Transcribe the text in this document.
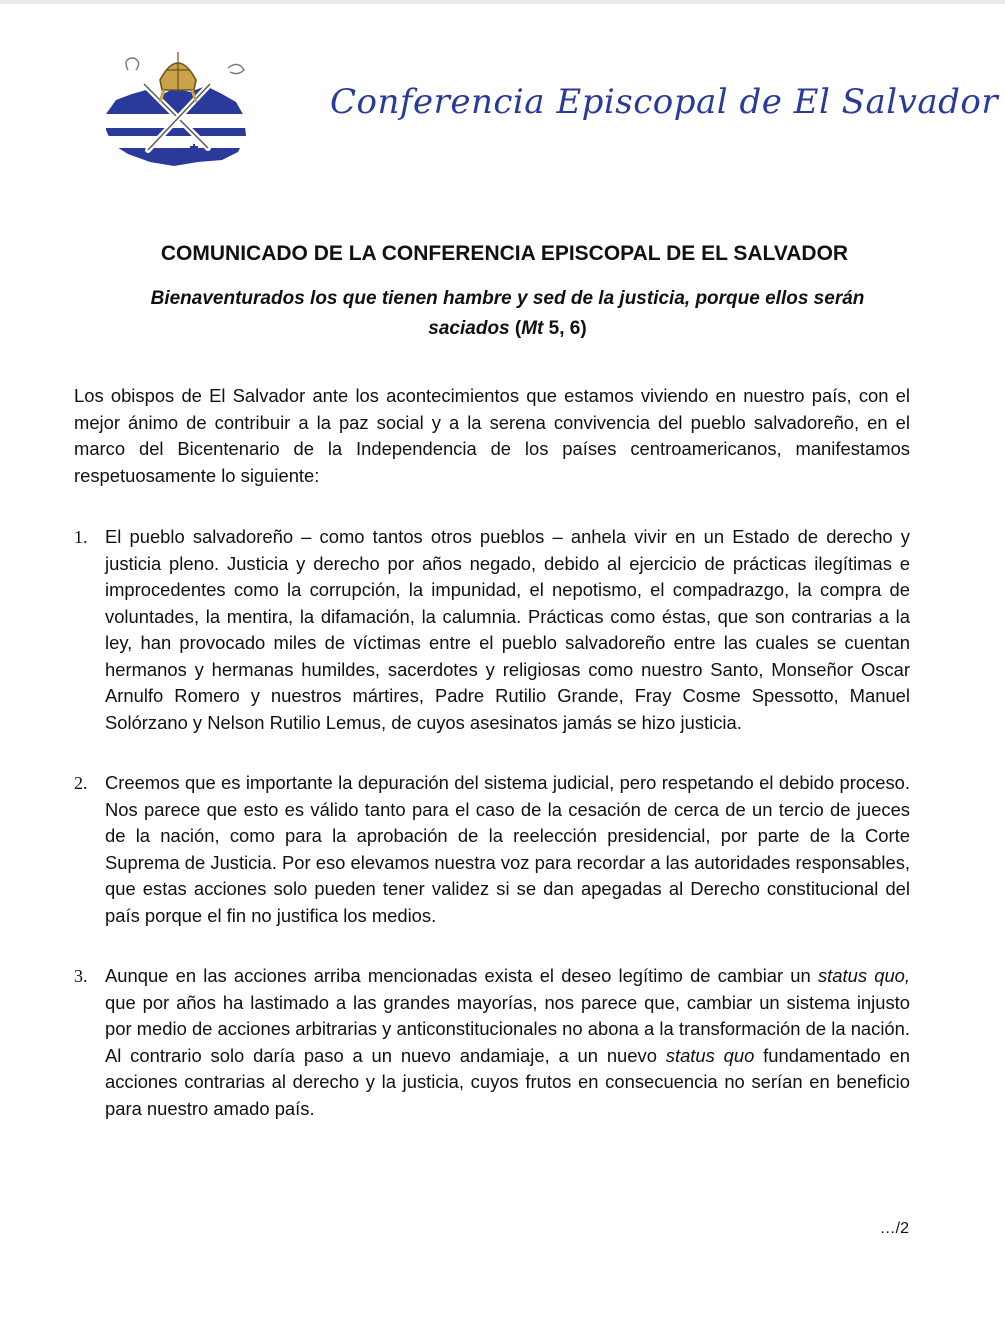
Conferencia Episcopal de El Salvador
COMUNICADO DE LA CONFERENCIA EPISCOPAL DE EL SALVADOR
Bienaventurados los que tienen hambre y sed de la justicia, porque ellos serán saciados (Mt 5, 6)
Los obispos de El Salvador ante los acontecimientos que estamos viviendo en nuestro país, con el mejor ánimo de contribuir a la paz social y a la serena convivencia del pueblo salvadoreño, en el marco del Bicentenario de la Independencia de los países centroamericanos, manifestamos respetuosamente lo siguiente:
1. El pueblo salvadoreño – como tantos otros pueblos – anhela vivir en un Estado de derecho y justicia pleno. Justicia y derecho por años negado, debido al ejercicio de prácticas ilegítimas e improcedentes como la corrupción, la impunidad, el nepotismo, el compadrazgo, la compra de voluntades, la mentira, la difamación, la calumnia. Prácticas como éstas, que son contrarias a la ley, han provocado miles de víctimas entre el pueblo salvadoreño entre las cuales se cuentan hermanos y hermanas humildes, sacerdotes y religiosas como nuestro Santo, Monseñor Oscar Arnulfo Romero y nuestros mártires, Padre Rutilio Grande, Fray Cosme Spessotto, Manuel Solórzano y Nelson Rutilio Lemus, de cuyos asesinatos jamás se hizo justicia.
2. Creemos que es importante la depuración del sistema judicial, pero respetando el debido proceso. Nos parece que esto es válido tanto para el caso de la cesación de cerca de un tercio de jueces de la nación, como para la aprobación de la reelección presidencial, por parte de la Corte Suprema de Justicia. Por eso elevamos nuestra voz para recordar a las autoridades responsables, que estas acciones solo pueden tener validez si se dan apegadas al Derecho constitucional del país porque el fin no justifica los medios.
3. Aunque en las acciones arriba mencionadas exista el deseo legítimo de cambiar un status quo, que por años ha lastimado a las grandes mayorías, nos parece que, cambiar un sistema injusto por medio de acciones arbitrarias y anticonstitucionales no abona a la transformación de la nación. Al contrario solo daría paso a un nuevo andamiaje, a un nuevo status quo fundamentado en acciones contrarias al derecho y la justicia, cuyos frutos en consecuencia no serían en beneficio para nuestro amado país.
…/2
